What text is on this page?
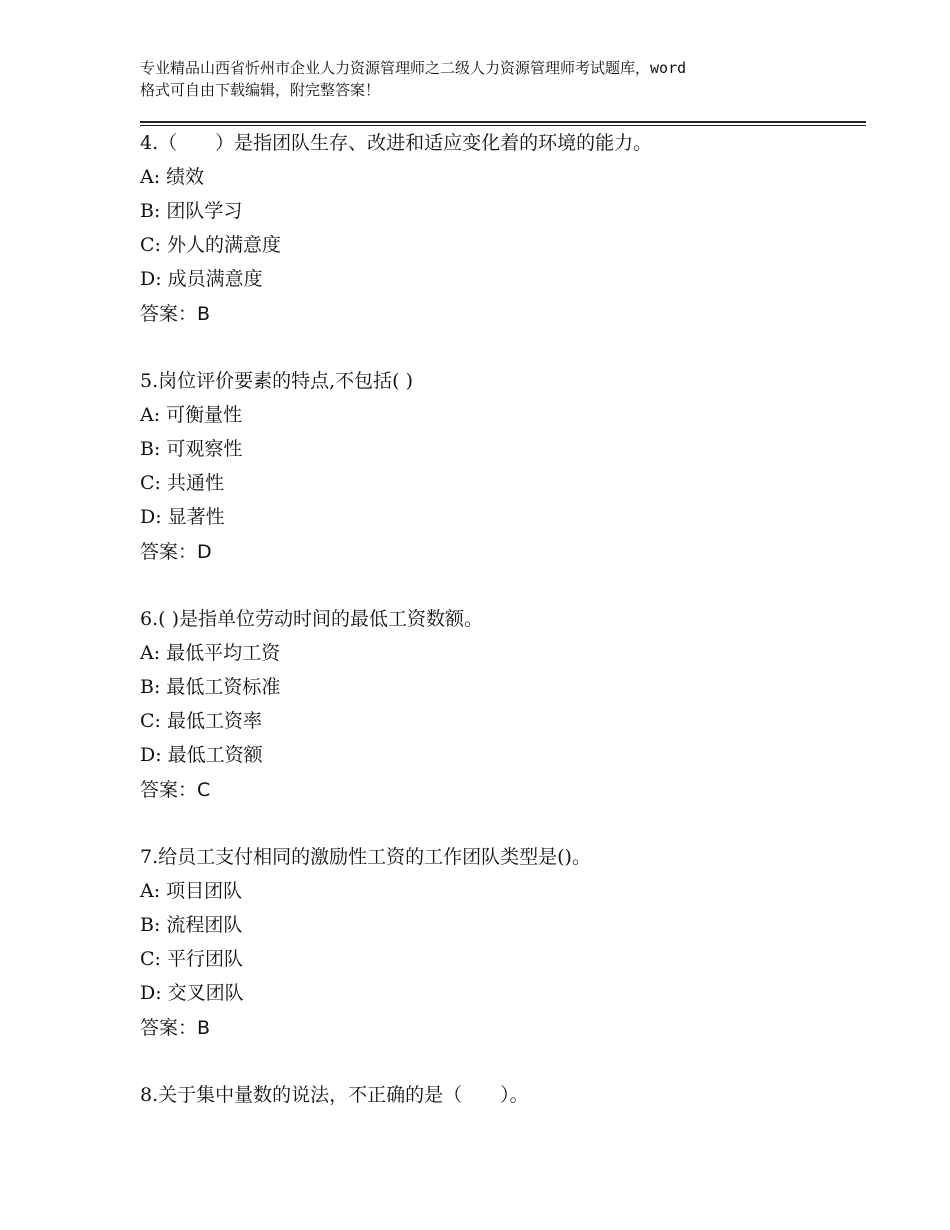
专业精品山西省忻州市企业人力资源管理师之二级人力资源管理师考试题库，word
格式可自由下载编辑，附完整答案！
4.（　　）是指团队生存、改进和适应变化着的环境的能力。
A: 绩效
B: 团队学习
C: 外人的满意度
D: 成员满意度
答案：B
5.岗位评价要素的特点,不包括( )
A: 可衡量性
B: 可观察性
C: 共通性
D: 显著性
答案：D
6.( )是指单位劳动时间的最低工资数额。
A: 最低平均工资
B: 最低工资标准
C: 最低工资率
D: 最低工资额
答案：C
7.给员工支付相同的激励性工资的工作团队类型是()。
A: 项目团队
B: 流程团队
C: 平行团队
D: 交叉团队
答案：B
8.关于集中量数的说法，不正确的是（　　）。
